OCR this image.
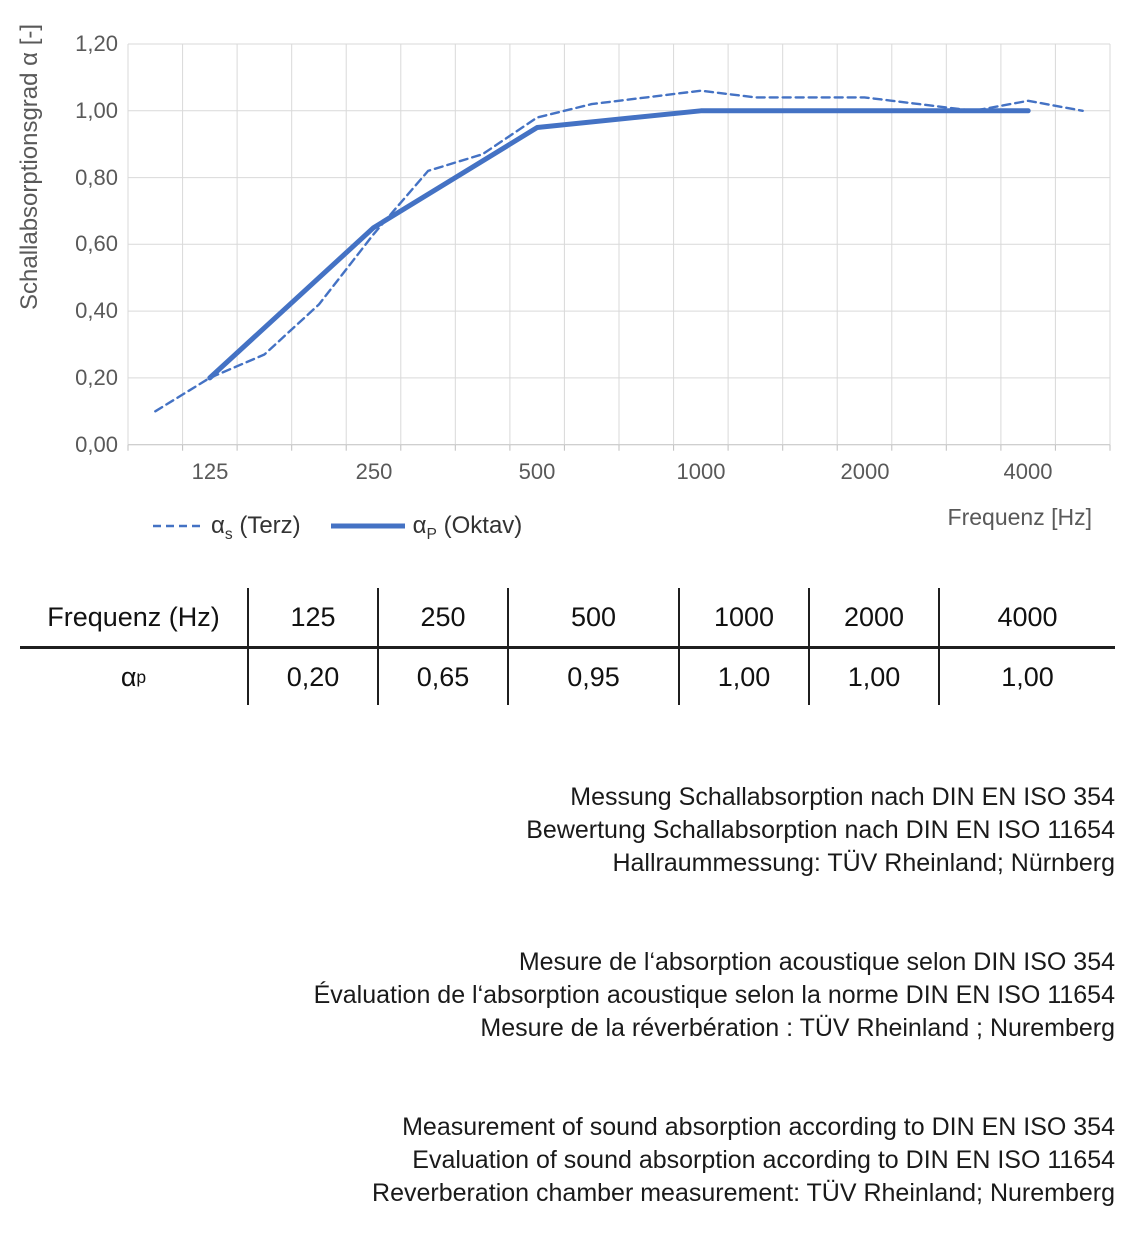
Schallabsorptionsgrad α [-]
0,00
0,20
0,40
0,60
0,80
1,00
1,20
125	250	500	1000	2000	4000
Frequenz [Hz]
$\alpha_s$ (Terz)	$\alpha_P$ (Oktav)
Frequenz (Hz)	125	250	500	1000	2000	4000
α p	0,20	0,65	0,95	1,00	1,00	1,00
Messung Schallabsorption nach DIN EN ISO 354
Bewertung Schallabsorption nach DIN EN ISO 11654
Hallraummessung: TÜV Rheinland; Nürnberg
Mesure de l‘absorption acoustique selon DIN ISO 354
Évaluation de l‘absorption acoustique selon la norme DIN EN ISO 11654
Mesure de la réverbération : TÜV Rheinland ; Nuremberg
Measurement of sound absorption according to DIN EN ISO 354
Evaluation of sound absorption according to DIN EN ISO 11654
Reverberation chamber measurement: TÜV Rheinland; Nuremberg
